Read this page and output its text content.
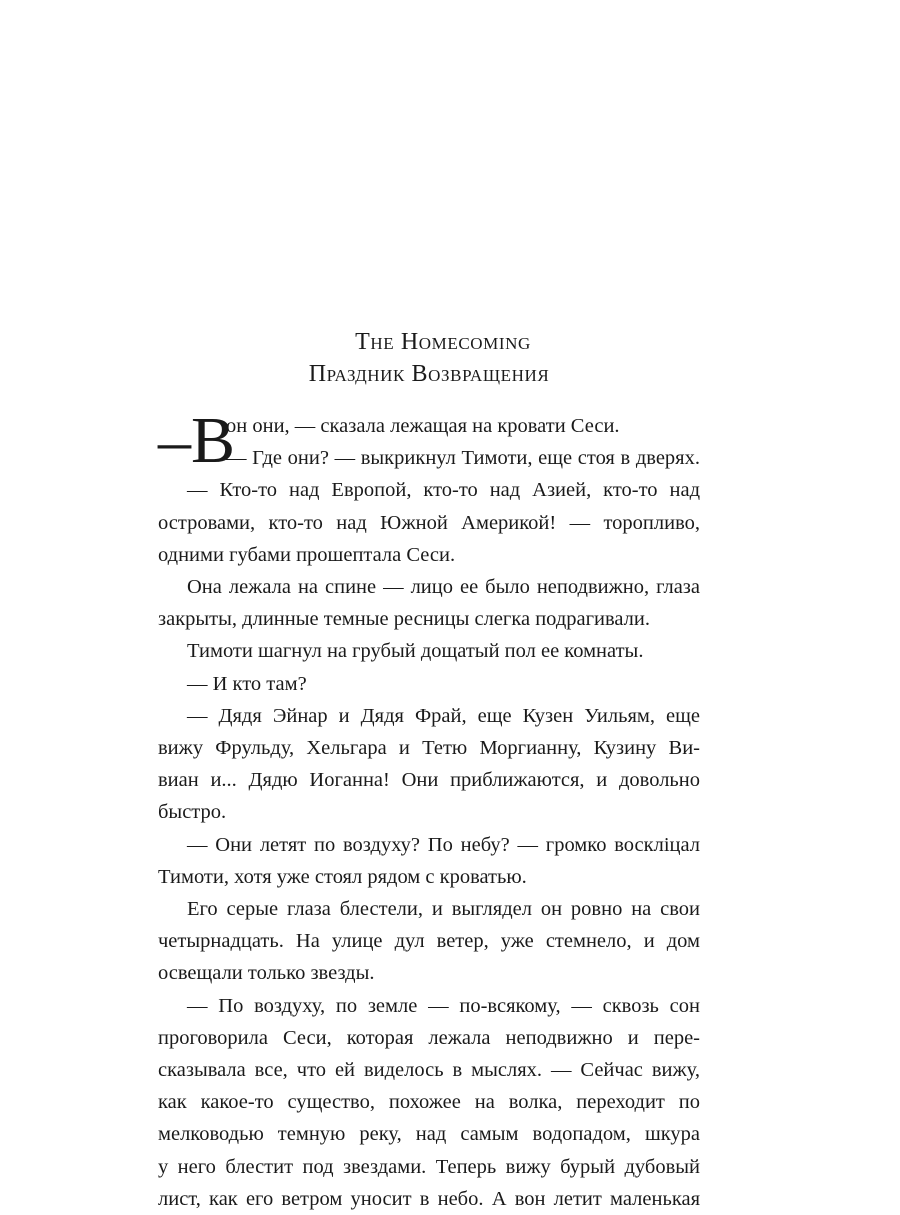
The Homecoming
Праздник Возвращения
–В
он они, — сказала лежащая на кровати Сеси.
— Где они? — выкрикнул Тимоти, еще стоя в дверях.
— Кто-то над Европой, кто-то над Азией, кто-то над
островами, кто-то над Южной Америкой! — торопливо,
одними губами прошептала Сеси.
Она лежала на спине — лицо ее было неподвижно, глаза
закрыты, длинные темные ресницы слегка подрагивали.
Тимоти шагнул на грубый дощатый пол ее комнаты.
— И кто там?
— Дядя Эйнар и Дядя Фрай, еще Кузен Уильям, еще
вижу Фрульду, Хельгара и Тетю Моргианну, Кузину Ви-
виан и... Дядю Иоганна! Они приближаются, и довольно
быстро.
— Они летят по воздуху? По небу? — громко воскліцал
Тимоти, хотя уже стоял рядом с кроватью.
Его серые глаза блестели, и выглядел он ровно на свои
четырнадцать. На улице дул ветер, уже стемнело, и дом
освещали только звезды.
— По воздуху, по земле — по-всякому, — сквозь сон
проговорила Сеси, которая лежала неподвижно и пере-
сказывала все, что ей виделось в мыслях. — Сейчас вижу,
как какое-то существо, похожее на волка, переходит по
мелководью темную реку, над самым водопадом, шкура
у него блестит под звездами. Теперь вижу бурый дубовый
лист, как его ветром уносит в небо. А вон летит маленькая
